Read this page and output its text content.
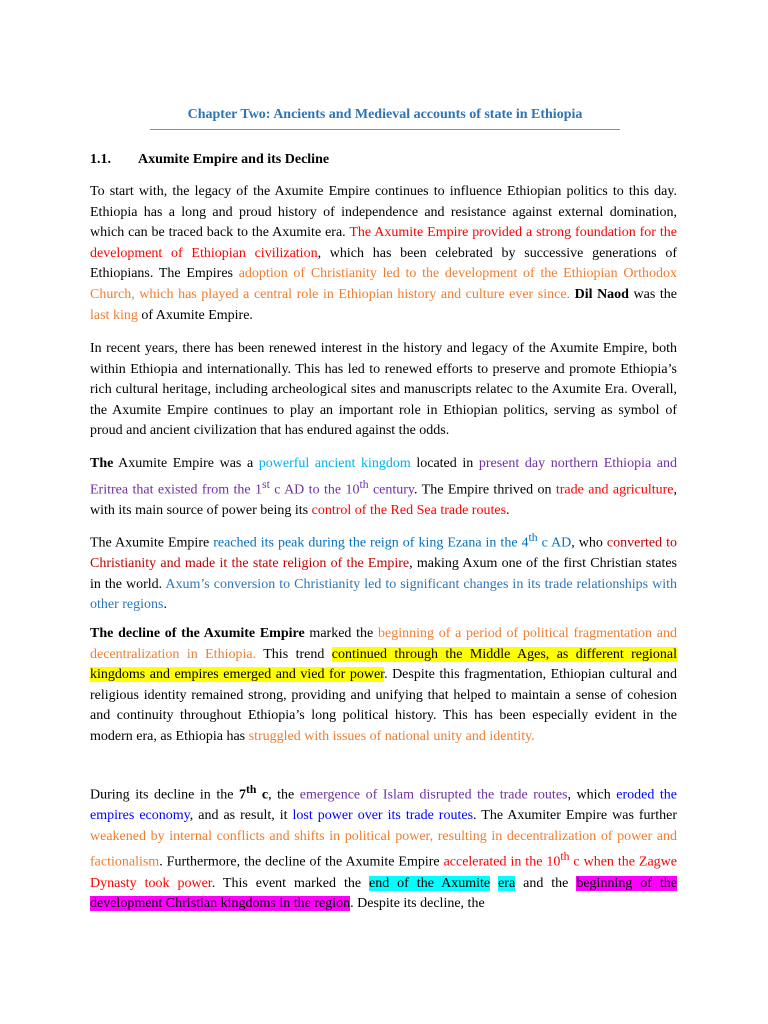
Chapter Two: Ancients and Medieval accounts of state in Ethiopia
1.1. Axumite Empire and its Decline
To start with, the legacy of the Axumite Empire continues to influence Ethiopian politics to this day. Ethiopia has a long and proud history of independence and resistance against external domination, which can be traced back to the Axumite era. The Axumite Empire provided a strong foundation for the development of Ethiopian civilization, which has been celebrated by successive generations of Ethiopians. The Empires adoption of Christianity led to the development of the Ethiopian Orthodox Church, which has played a central role in Ethiopian history and culture ever since. Dil Naod was the last king of Axumite Empire.
In recent years, there has been renewed interest in the history and legacy of the Axumite Empire, both within Ethiopia and internationally. This has led to renewed efforts to preserve and promote Ethiopia’s rich cultural heritage, including archeological sites and manuscripts relatec to the Axumite Era. Overall, the Axumite Empire continues to play an important role in Ethiopian politics, serving as symbol of proud and ancient civilization that has endured against the odds.
The Axumite Empire was a powerful ancient kingdom located in present day northern Ethiopia and Eritrea that existed from the 1st c AD to the 10th century. The Empire thrived on trade and agriculture, with its main source of power being its control of the Red Sea trade routes.
The Axumite Empire reached its peak during the reign of king Ezana in the 4th c AD, who converted to Christianity and made it the state religion of the Empire, making Axum one of the first Christian states in the world. Axum’s conversion to Christianity led to significant changes in its trade relationships with other regions.
The decline of the Axumite Empire marked the beginning of a period of political fragmentation and decentralization in Ethiopia. This trend continued through the Middle Ages, as different regional kingdoms and empires emerged and vied for power. Despite this fragmentation, Ethiopian cultural and religious identity remained strong, providing and unifying that helped to maintain a sense of cohesion and continuity throughout Ethiopia’s long political history. This has been especially evident in the modern era, as Ethiopia has struggled with issues of national unity and identity.
During its decline in the 7th c, the emergence of Islam disrupted the trade routes, which eroded the empires economy, and as result, it lost power over its trade routes. The Axumiter Empire was further weakened by internal conflicts and shifts in political power, resulting in decentralization of power and factionalism. Furthermore, the decline of the Axumite Empire accelerated in the 10th c when the Zagwe Dynasty took power. This event marked the end of the Axumite era and the beginning of the development Christian kingdoms in the region. Despite its decline, the
